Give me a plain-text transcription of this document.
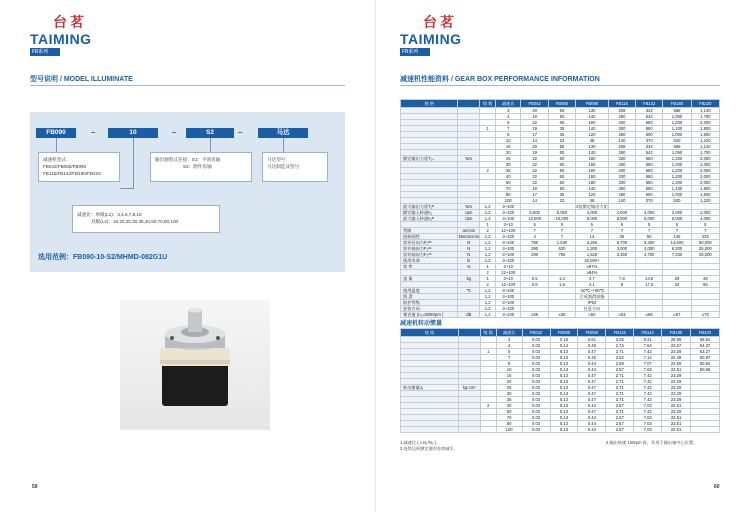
台茗
TAIMING
FB系列
型号说明 / MODEL ILLUMINATE
FB090	–	10	–	S2	–	马达
减速机型式：
FB042/FB060/FB090
FB115/FB142/FB180/FB220
输出轴型式连接：S1：平滑齿轴
S2：附件齿轴
马达型号：
马达制造及型号
减速比：单级(L1)：3,4,5,7,8,10
双级(L2)：15,20,25,30,35,40,50,70,80,100
选用范例：FB090-10-S2/MHMD-082G1U
59
台茗
TAIMING
FB系列
减速机性能资料 / GEAR BOX PERFORMANCE INFORMATION
规 格		级 数	减速比	FB042	FB060	FB090	FB115	FB142	FB180	FB220
			3	20	55	130	208	342	588	1,140
			4	19	50	140	290	542	1,050	1,700
			5	22	60	160	330	650	1,200	2,000
		1	7	19	35	140	300	550	1,100	1,800
			8	17	35	120	260	500	1,000	1,600
			10	14	23	48	140	370	520	1,220
			15	20	55	130	208	342	588	1,140
			20	19	50	140	290	542	1,050	1,700
额定输出力矩T₂ₙ	Nm		25	22	60	160	330	650	1,200	2,000
			30	22	60	160	330	650	1,200	2,000
		2	35	22	60	160	330	650	1,200	2,000
			40	22	60	160	330	650	1,200	2,000
			50	22	60	160	330	650	1,200	2,000
			70	19	50	140	300	550	1,100	1,800
			80	17	35	120	260	500	1,000	1,600
			100	14	23	48	140	370	520	1,220
最大输出力矩T₂ᴮ	Nm	1,2	3~100			3倍额定输出力矩				
额定输入转速n₁	rpm	1,2	3~100	5,000	5,000	4,000	4,000	4,000	3,000	2,000
最大输入转速n₁ᴮ	rpm	1,2	3~100	10,000	10,000	8,000	8,000	6,000	6,000	4,000
		1	3~10	5	5	5	5	5	5	5
背隙	arcmin	2	12~100	7	7	7	7	7	7	7
扭转刚性	Nm/arcmin	1,2	3~100	3	7	14	25	50	145	225
容许径向力F₂ᴿᵇ	N	1,2	3~100	780	1,530	3,250	6,700	9,400	14,500	50,000
容许轴向力F₂ᴬᵇ	N	1,2	3~100	390	630	1,300	3,000	4,000	6,200	25,000
容许轴向力F₂ᴬᵇ	N	1,2	3~100	290	785	1,625	3,350	4,700	7,250	25,000
使用寿命	hr	1,2	3~100			20,000+				
效 率	%	1	3~10			≥97%				
		2	12~100			≥94%				
重 量	kg	1	3~10	0.5	1.3	3.7	7.8	14.5	29	48
		2	12~100	0.8	1.9	4.1	9	17.5	33	60
使用温度	℃	1,2	3~100			-10℃~+90℃				
润 滑		1,2	3~100			合成润滑油脂				
防护等级		1,2	3~100			IP64				
安装方向		1,2	3~100			任意方向				
噪音值 (n₁=3000rpm )	dB	1,2	3~100	≤56	≤58	≤60	≤63	≤65	≤67	≤70
减速机转动惯量
规 格		级 数	减速比	FB042	FB060	FB090	FB115	FB142	FB180	FB220
			3	0.03	0.16	0.61	3.25	9.21	28.98	69.61
			4	0.03	0.14	0.48	2.74	7.54	23.67	54.37
		1	5	0.03	0.13	0.47	2.71	7.42	23.29	53.27
			7	0.03	0.13	0.45	2.62	7.14	22.48	50.97
			8	0.03	0.13	0.44	2.58	7.07	22.59	50.84
			10	0.03	0.13	0.44	2.57	7.03	22.51	50.56
			15	0.03	0.13	0.47	2.71	7.42	23.29	
			20	0.03	0.13	0.47	2.71	7.42	23.29	
转动惯量J₁	kg·cm²		25	0.03	0.13	0.47	2.71	7.42	23.29	
			30	0.03	0.13	0.47	2.71	7.42	23.29	
			35	0.03	0.13	0.47	2.71	7.42	23.29	
		2	40	0.03	0.13	0.44	2.57	7.03	22.51	
			50	0.03	0.13	0.47	2.71	7.42	23.29	
			70	0.03	0.13	0.44	2.57	7.03	22.51	
			80	0.03	0.13	0.44	2.57	7.03	22.51	
			100	0.03	0.13	0.44	2.57	7.03	22.51	
1.减速比 ( i=N₁/N₂ )
2.连续运转额定使用寿命减半。
2.输出转速 100rpm 时，作用于输出轴中心位置。
60
